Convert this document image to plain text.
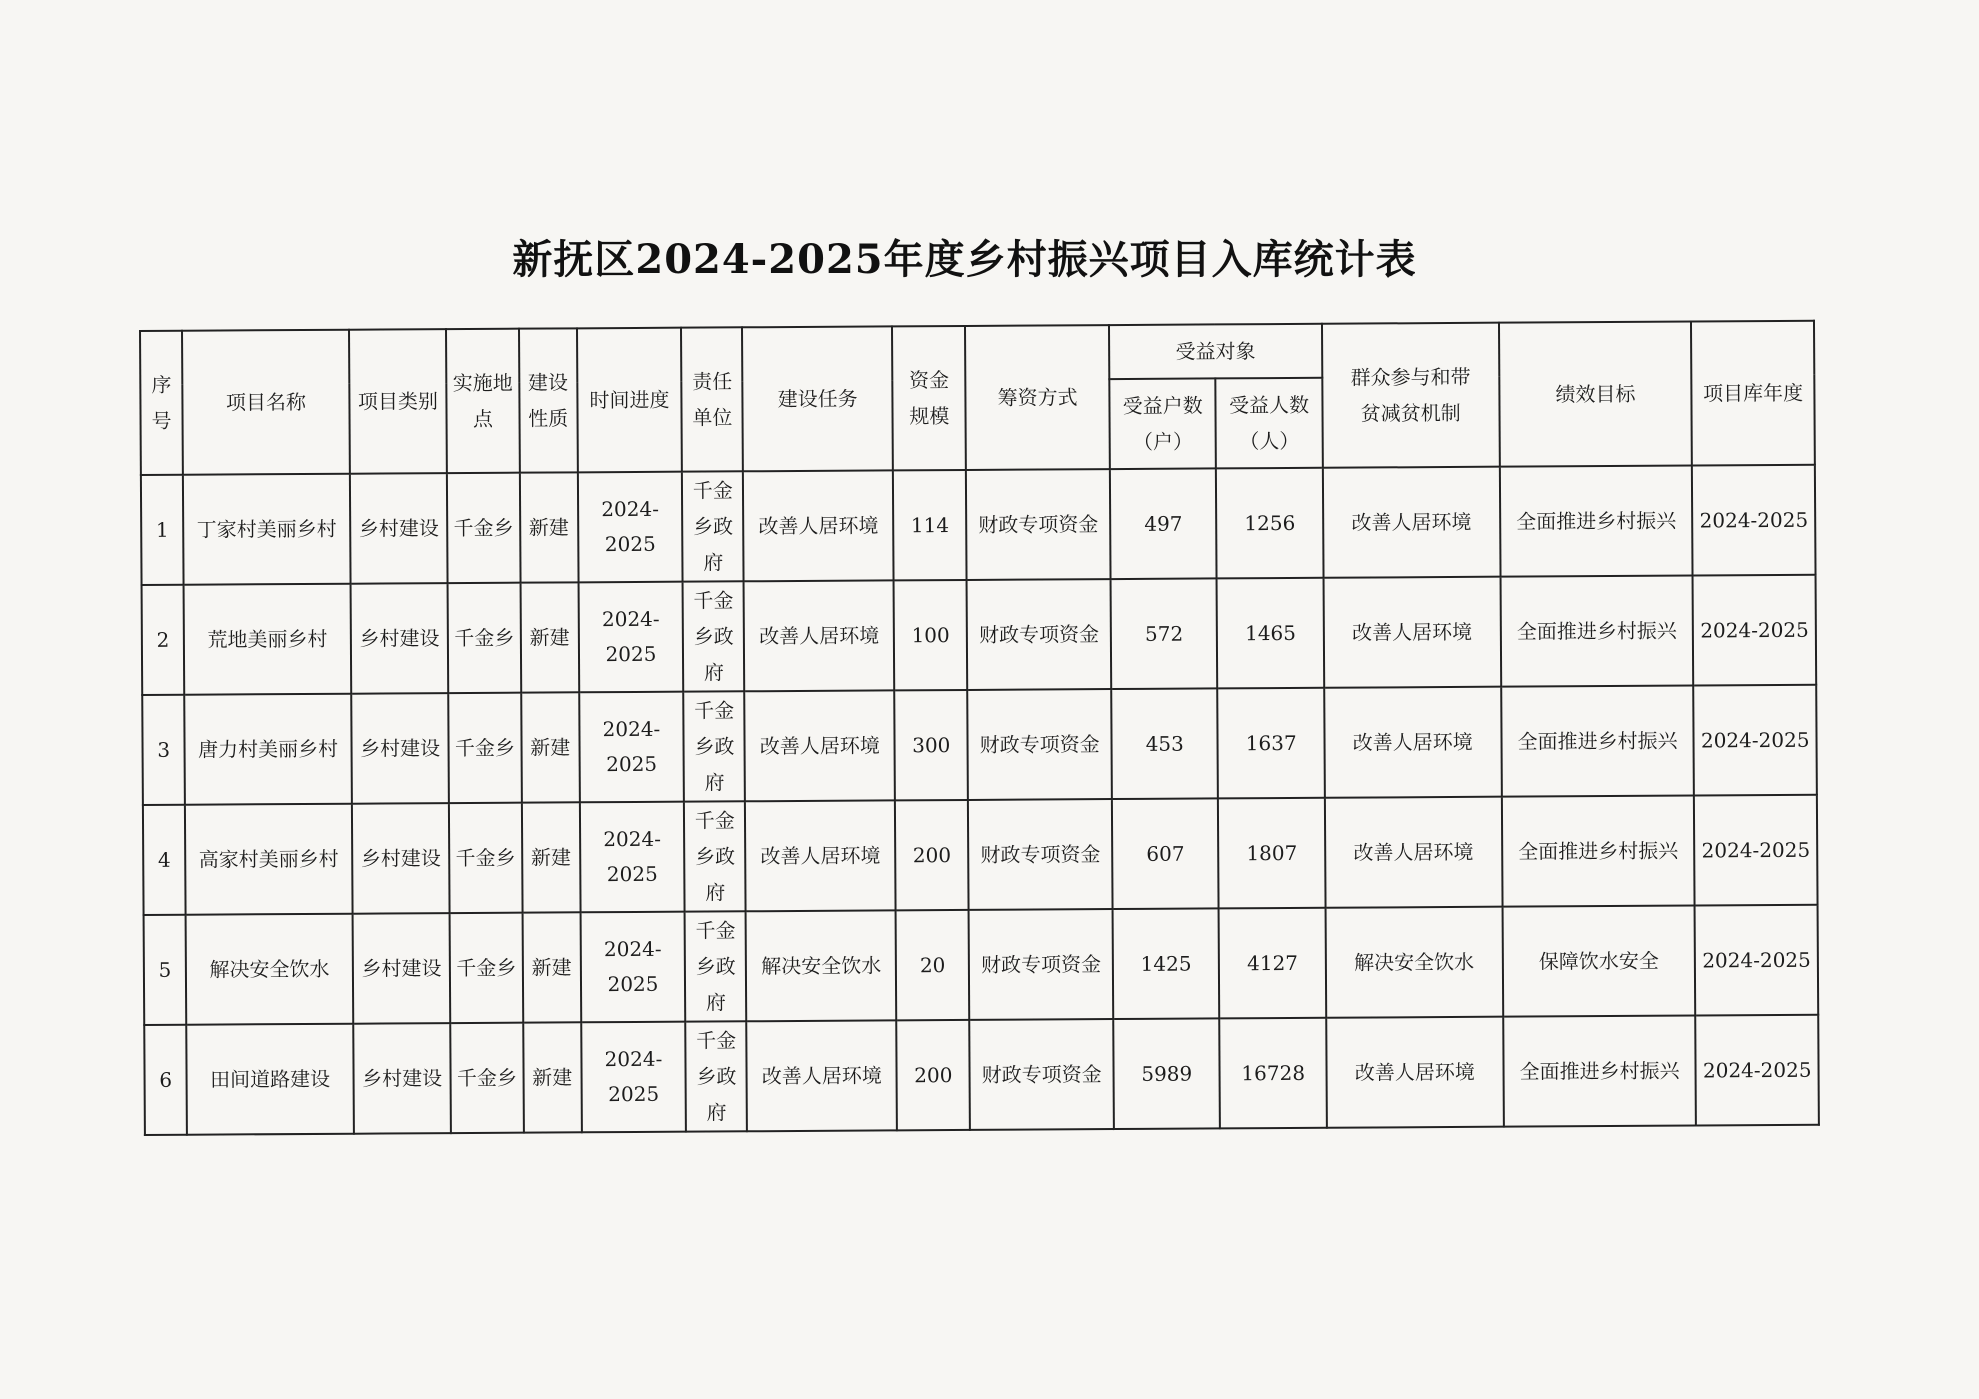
新抚区2024-2025年度乡村振兴项目入库统计表
序号	项目名称	项目类别	实施地点	建设性质	时间进度	责任单位	建设任务	资金规模	筹资方式	受益对象		群众参与和带贫减贫机制	绩效目标	项目库年度
										受益户数（户）	受益人数（人）			
1	丁家村美丽乡村	乡村建设	千金乡	新建	2024-2025	千金乡政府	改善人居环境	114	财政专项资金	497	1256	改善人居环境	全面推进乡村振兴	2024-2025
2	荒地美丽乡村	乡村建设	千金乡	新建	2024-2025	千金乡政府	改善人居环境	100	财政专项资金	572	1465	改善人居环境	全面推进乡村振兴	2024-2025
3	唐力村美丽乡村	乡村建设	千金乡	新建	2024-2025	千金乡政府	改善人居环境	300	财政专项资金	453	1637	改善人居环境	全面推进乡村振兴	2024-2025
4	高家村美丽乡村	乡村建设	千金乡	新建	2024-2025	千金乡政府	改善人居环境	200	财政专项资金	607	1807	改善人居环境	全面推进乡村振兴	2024-2025
5	解决安全饮水	乡村建设	千金乡	新建	2024-2025	千金乡政府	解决安全饮水	20	财政专项资金	1425	4127	解决安全饮水	保障饮水安全	2024-2025
6	田间道路建设	乡村建设	千金乡	新建	2024-2025	千金乡政府	改善人居环境	200	财政专项资金	5989	16728	改善人居环境	全面推进乡村振兴	2024-2025
